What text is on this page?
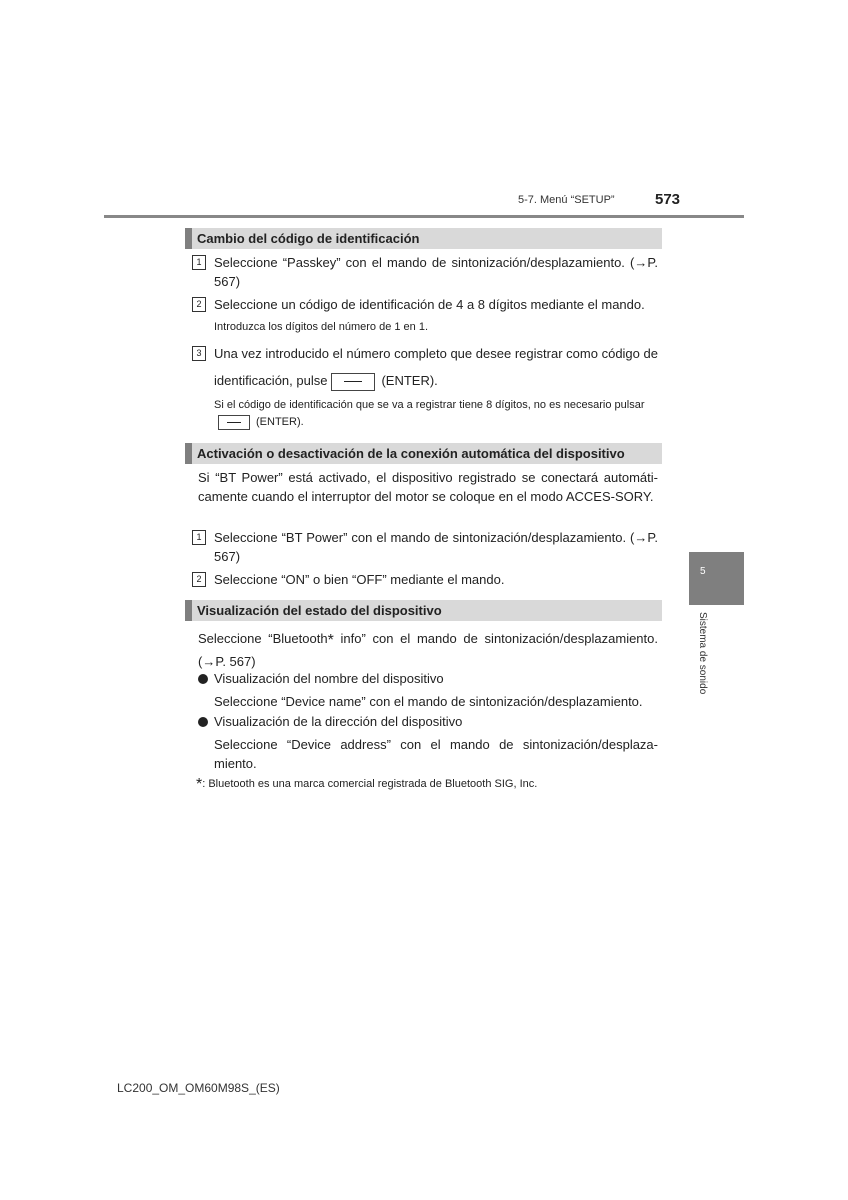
5-7. Menú “SETUP”	573
Cambio del código de identificación
1 Seleccione “Passkey” con el mando de sintonización/desplazamiento. (→P. 567)
2 Seleccione un código de identificación de 4 a 8 dígitos mediante el mando.
Introduzca los dígitos del número de 1 en 1.
3 Una vez introducido el número completo que desee registrar como código de identificación, pulse	(ENTER).
Si el código de identificación que se va a registrar tiene 8 dígitos, no es necesario pulsar(ENTER).
Activación o desactivación de la conexión automática del dispositivo
Si “BT Power” está activado, el dispositivo registrado se conectará automáti-camente cuando el interruptor del motor se coloque en el modo ACCES-SORY.
1 Seleccione “BT Power” con el mando de sintonización/desplazamiento. (→P. 567)
2 Seleccione “ON” o bien “OFF” mediante el mando.
Visualización del estado del dispositivo
Seleccione “Bluetooth* info” con el mando de sintonización/desplazamiento. (→P. 567)
Visualización del nombre del dispositivo
Seleccione “Device name” con el mando de sintonización/desplazamiento.
Visualización de la dirección del dispositivo
Seleccione “Device address” con el mando de sintonización/desplaza-miento.
*: Bluetooth es una marca comercial registrada de Bluetooth SIG, Inc.
5
Sistema de sonido
LC200_OM_OM60M98S_(ES)
